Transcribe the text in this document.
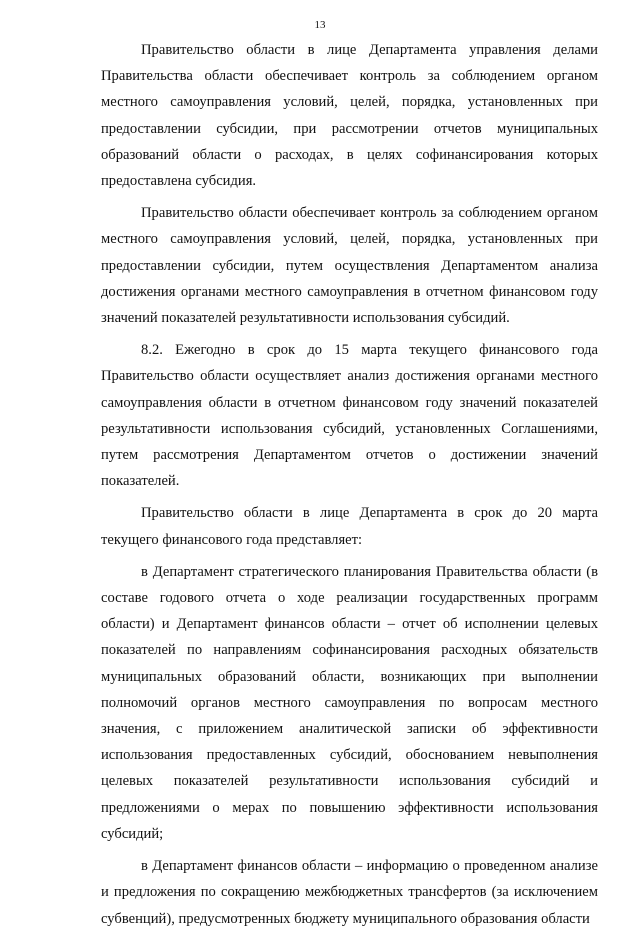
13

Правительство области в лице Департамента управления делами Правительства области обеспечивает контроль за соблюдением органом местного самоуправления условий, целей, порядка, установленных при предоставлении субсидии, при рассмотрении отчетов муниципальных образований области о расходах, в целях софинансирования которых предоставлена субсидия.

Правительство области обеспечивает контроль за соблюдением органом местного самоуправления условий, целей, порядка, установленных при предоставлении субсидии, путем осуществления Департаментом анализа достижения органами местного самоуправления в отчетном финансовом году значений показателей результативности использования субсидий.

8.2. Ежегодно в срок до 15 марта текущего финансового года Правительство области осуществляет анализ достижения органами местного самоуправления области в отчетном финансовом году значений показателей результативности использования субсидий, установленных Соглашениями, путем рассмотрения Департаментом отчетов о достижении значений показателей.

Правительство области в лице Департамента в срок до 20 марта текущего финансового года представляет:

в Департамент стратегического планирования Правительства области (в составе годового отчета о ходе реализации государственных программ области) и Департамент финансов области – отчет об исполнении целевых показателей по направлениям софинансирования расходных обязательств муниципальных образований области, возникающих при выполнении полномочий органов местного самоуправления по вопросам местного значения, с приложением аналитической записки об эффективности использования предоставленных субсидий, обоснованием невыполнения целевых показателей результативности использования субсидий и предложениями о мерах по повышению эффективности использования субсидий;

в Департамент финансов области – информацию о проведенном анализе и предложения по сокращению межбюджетных трансфертов (за исключением субвенций), предусмотренных бюджету муниципального образования области
